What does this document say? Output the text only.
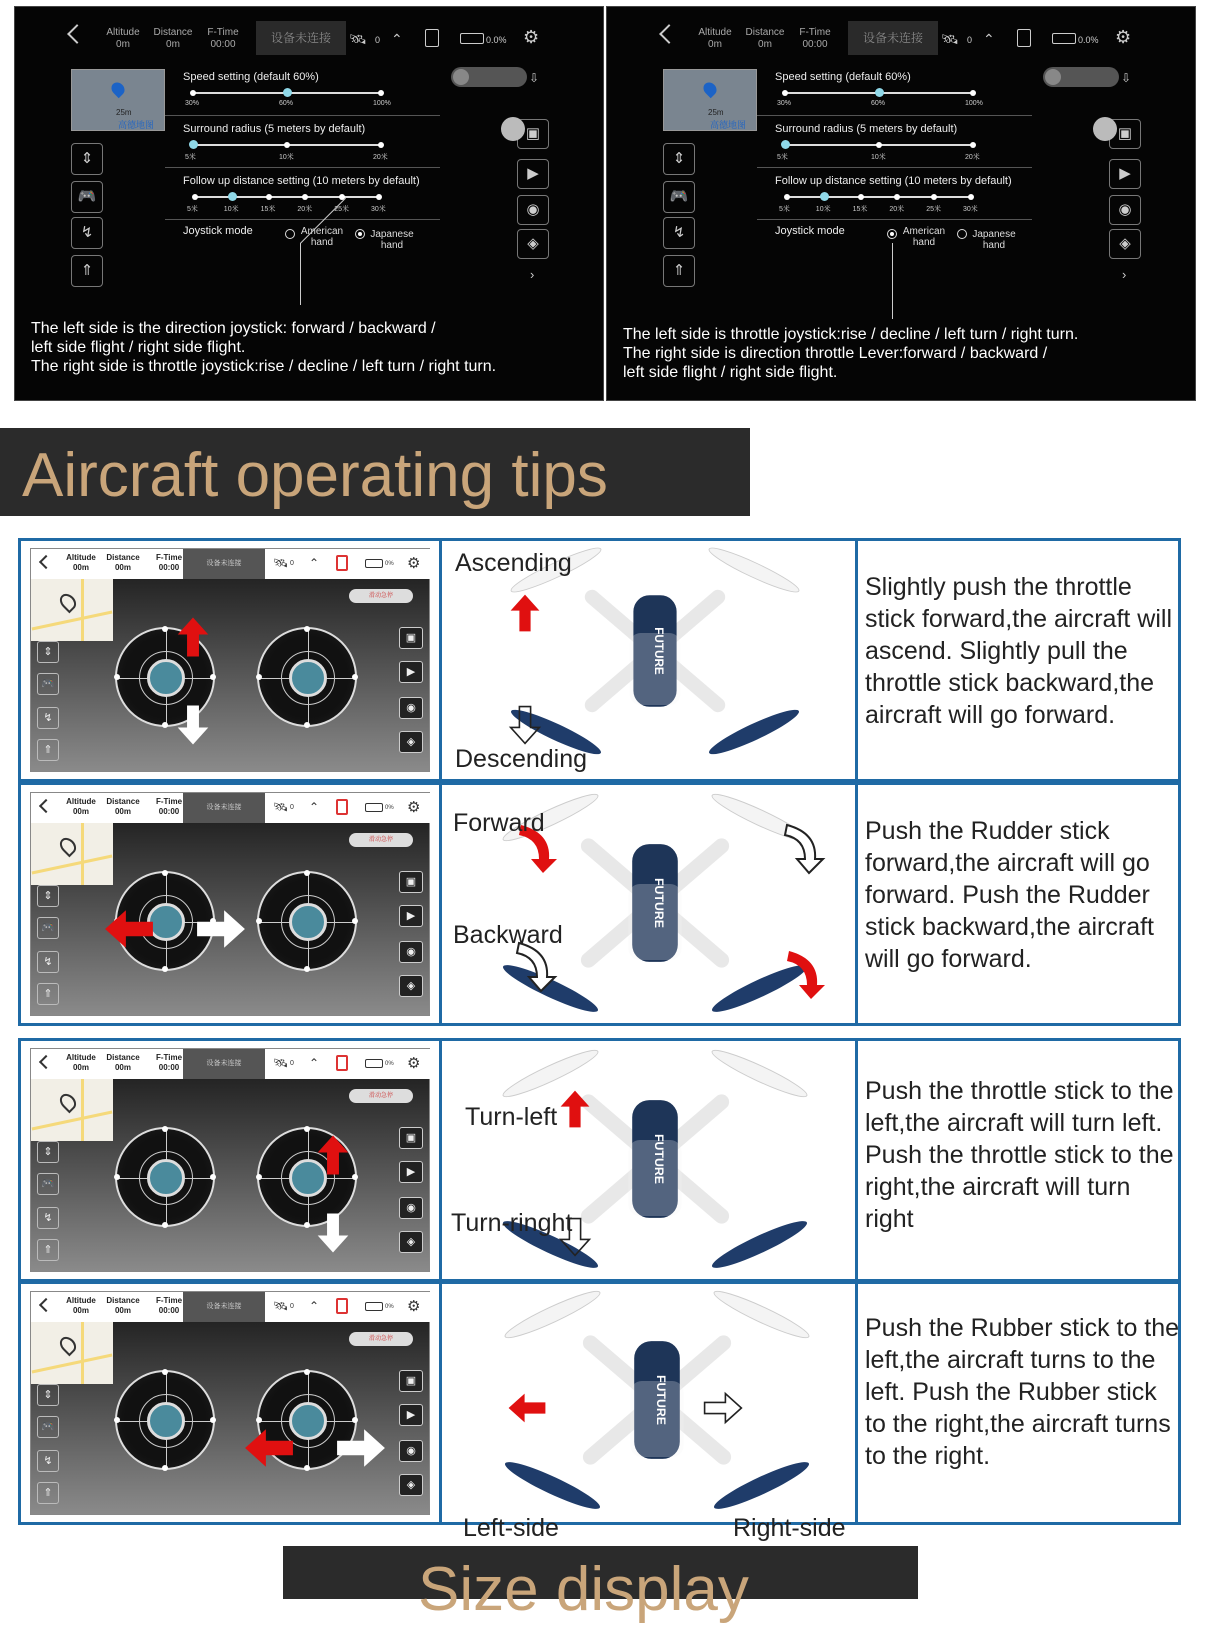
Altitude
0m
Distance
0m
F-Time
00:00	设备未连接	🛰 0 ⌃	0.0% ⚙
25m
高德地图
⇕
🎮
↯
⇑
▣
▶
◉
◈
›
⇩
Speed setting (default 60%)
30%	60%	100%
Surround radius (5 meters by default)
5米	10米	20米
Follow up distance setting (10 meters by default)
5米	10米	15米	20米	25米	30米
Joystick mode	American hand
Japanese hand
The left side is the direction joystick: forward / backward /
left side flight / right side flight.
The right side is throttle joystick:rise / decline / left turn / right turn.
Altitude
0m
Distance
0m
F-Time
00:00	设备未连接	🛰 0 ⌃	0.0% ⚙
25m
高德地图
⇕
🎮
↯
⇑
▣
▶
◉
◈
›
⇩
Speed setting (default 60%)
30%	60%	100%
Surround radius (5 meters by default)
5米	10米	20米
Follow up distance setting (10 meters by default)
5米	10米	15米	20米	25米	30米
Joystick mode	American hand
Japanese hand
The left side is throttle joystick:rise / decline / left turn / right turn.
The right side is direction throttle Lever:forward / backward /
left side flight / right side flight.
Aircraft operating tips
Altitude
00m
Distance
00m
F-Time
00:00	设备未连接	🛰 0 ⌃	0% ⚙
滑动急停
⇕
🎮
↯
⇑
▣
▶
◉
◈
FUTURE
Ascending
Descending
Slightly push the throttle stick forward,the aircraft will ascend. Slightly pull the throttle stick backward,the aircraft will go forward.
Altitude
00m
Distance
00m
F-Time
00:00	设备未连接	🛰 0 ⌃	0% ⚙
滑动急停
⇕
🎮
↯
⇑
▣
▶
◉
◈
FUTURE
Forward
Backward
Push the Rudder stick forward,the aircraft will go forward. Push the Rudder stick backward,the aircraft will go forward.
Altitude
00m
Distance
00m
F-Time
00:00	设备未连接	🛰 0 ⌃	0% ⚙
滑动急停
⇕
🎮
↯
⇑
▣
▶
◉
◈
FUTURE
Turn-left
Turn-ringht
Push the throttle stick to the left,the aircraft will turn left. Push the throttle stick to the right,the aircraft will turn right
Altitude
00m
Distance
00m
F-Time
00:00	设备未连接	🛰 0 ⌃	0% ⚙
滑动急停
⇕
🎮
↯
⇑
▣
▶
◉
◈
FUTURE
Left-side	Right-side
Push the Rubber stick to the left,the aircraft turns to the left. Push the Rubber stick to the right,the aircraft turns to the right.
Size display
